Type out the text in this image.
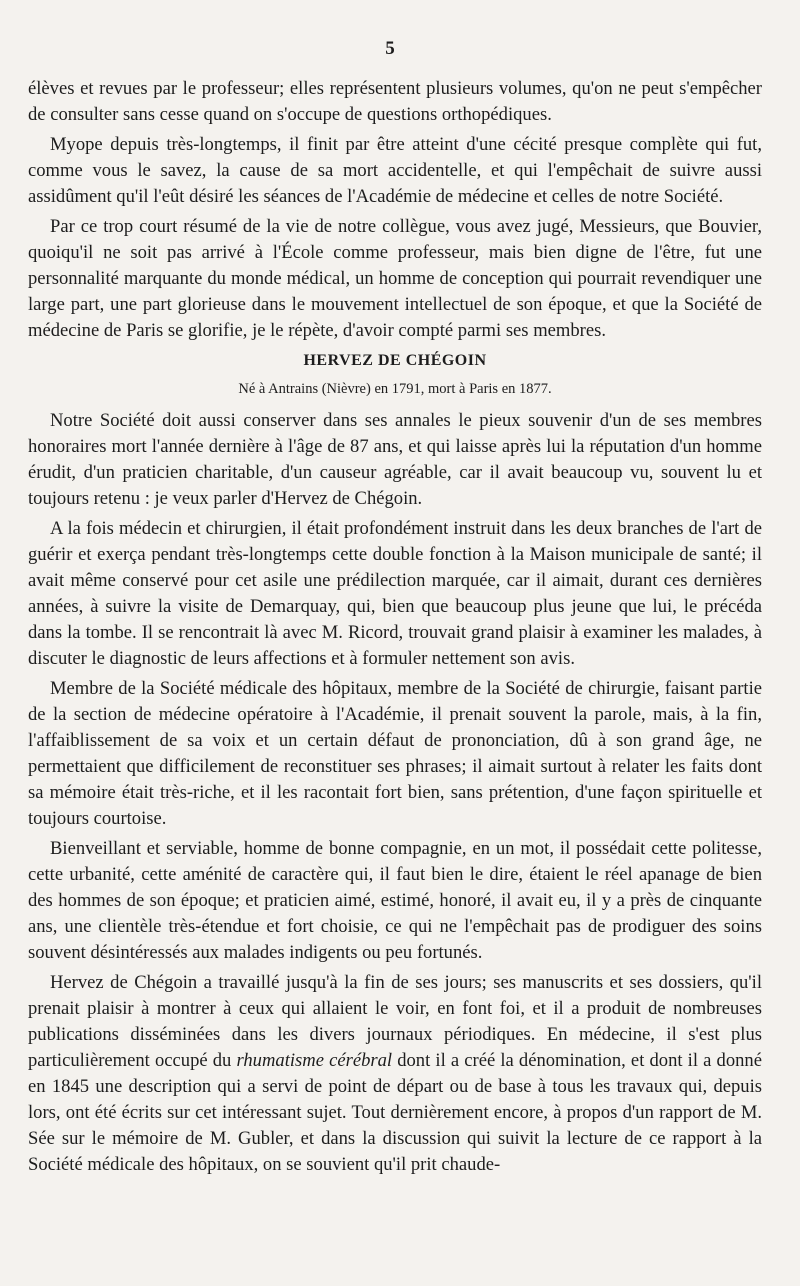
5

élèves et revues par le professeur; elles représentent plusieurs volumes, qu'on ne peut s'empêcher de consulter sans cesse quand on s'occupe de questions orthopédiques.

Myope depuis très-longtemps, il finit par être atteint d'une cécité presque complète qui fut, comme vous le savez, la cause de sa mort accidentelle, et qui l'empêchait de suivre aussi assidûment qu'il l'eût désiré les séances de l'Académie de médecine et celles de notre Société.

Par ce trop court résumé de la vie de notre collègue, vous avez jugé, Messieurs, que Bouvier, quoiqu'il ne soit pas arrivé à l'École comme professeur, mais bien digne de l'être, fut une personnalité marquante du monde médical, un homme de conception qui pourrait revendiquer une large part, une part glorieuse dans le mouvement intellectuel de son époque, et que la Société de médecine de Paris se glorifie, je le répète, d'avoir compté parmi ses membres.

HERVEZ DE CHÉGOIN
Né à Antrains (Nièvre) en 1791, mort à Paris en 1877.

Notre Société doit aussi conserver dans ses annales le pieux souvenir d'un de ses membres honoraires mort l'année dernière à l'âge de 87 ans, et qui laisse après lui la réputation d'un homme érudit, d'un praticien charitable, d'un causeur agréable, car il avait beaucoup vu, souvent lu et toujours retenu : je veux parler d'Hervez de Chégoin.

A la fois médecin et chirurgien, il était profondément instruit dans les deux branches de l'art de guérir et exerça pendant très-longtemps cette double fonction à la Maison municipale de santé; il avait même conservé pour cet asile une prédilection marquée, car il aimait, durant ces dernières années, à suivre la visite de Demarquay, qui, bien que beaucoup plus jeune que lui, le précéda dans la tombe. Il se rencontrait là avec M. Ricord, trouvait grand plaisir à examiner les malades, à discuter le diagnostic de leurs affections et à formuler nettement son avis.

Membre de la Société médicale des hôpitaux, membre de la Société de chirurgie, faisant partie de la section de médecine opératoire à l'Académie, il prenait souvent la parole, mais, à la fin, l'affaiblissement de sa voix et un certain défaut de prononciation, dû à son grand âge, ne permettaient que difficilement de reconstituer ses phrases; il aimait surtout à relater les faits dont sa mémoire était très-riche, et il les racontait fort bien, sans prétention, d'une façon spirituelle et toujours courtoise.

Bienveillant et serviable, homme de bonne compagnie, en un mot, il possédait cette politesse, cette urbanité, cette aménité de caractère qui, il faut bien le dire, étaient le réel apanage de bien des hommes de son époque; et praticien aimé, estimé, honoré, il avait eu, il y a près de cinquante ans, une clientèle très-étendue et fort choisie, ce qui ne l'empêchait pas de prodiguer des soins souvent désintéressés aux malades indigents ou peu fortunés.

Hervez de Chégoin a travaillé jusqu'à la fin de ses jours; ses manuscrits et ses dossiers, qu'il prenait plaisir à montrer à ceux qui allaient le voir, en font foi, et il a produit de nombreuses publications disséminées dans les divers journaux périodiques. En médecine, il s'est plus particulièrement occupé du rhumatisme cérébral dont il a créé la dénomination, et dont il a donné en 1845 une description qui a servi de point de départ ou de base à tous les travaux qui, depuis lors, ont été écrits sur cet intéressant sujet. Tout dernièrement encore, à propos d'un rapport de M. Sée sur le mémoire de M. Gubler, et dans la discussion qui suivit la lecture de ce rapport à la Société médicale des hôpitaux, on se souvient qu'il prit chaude-
